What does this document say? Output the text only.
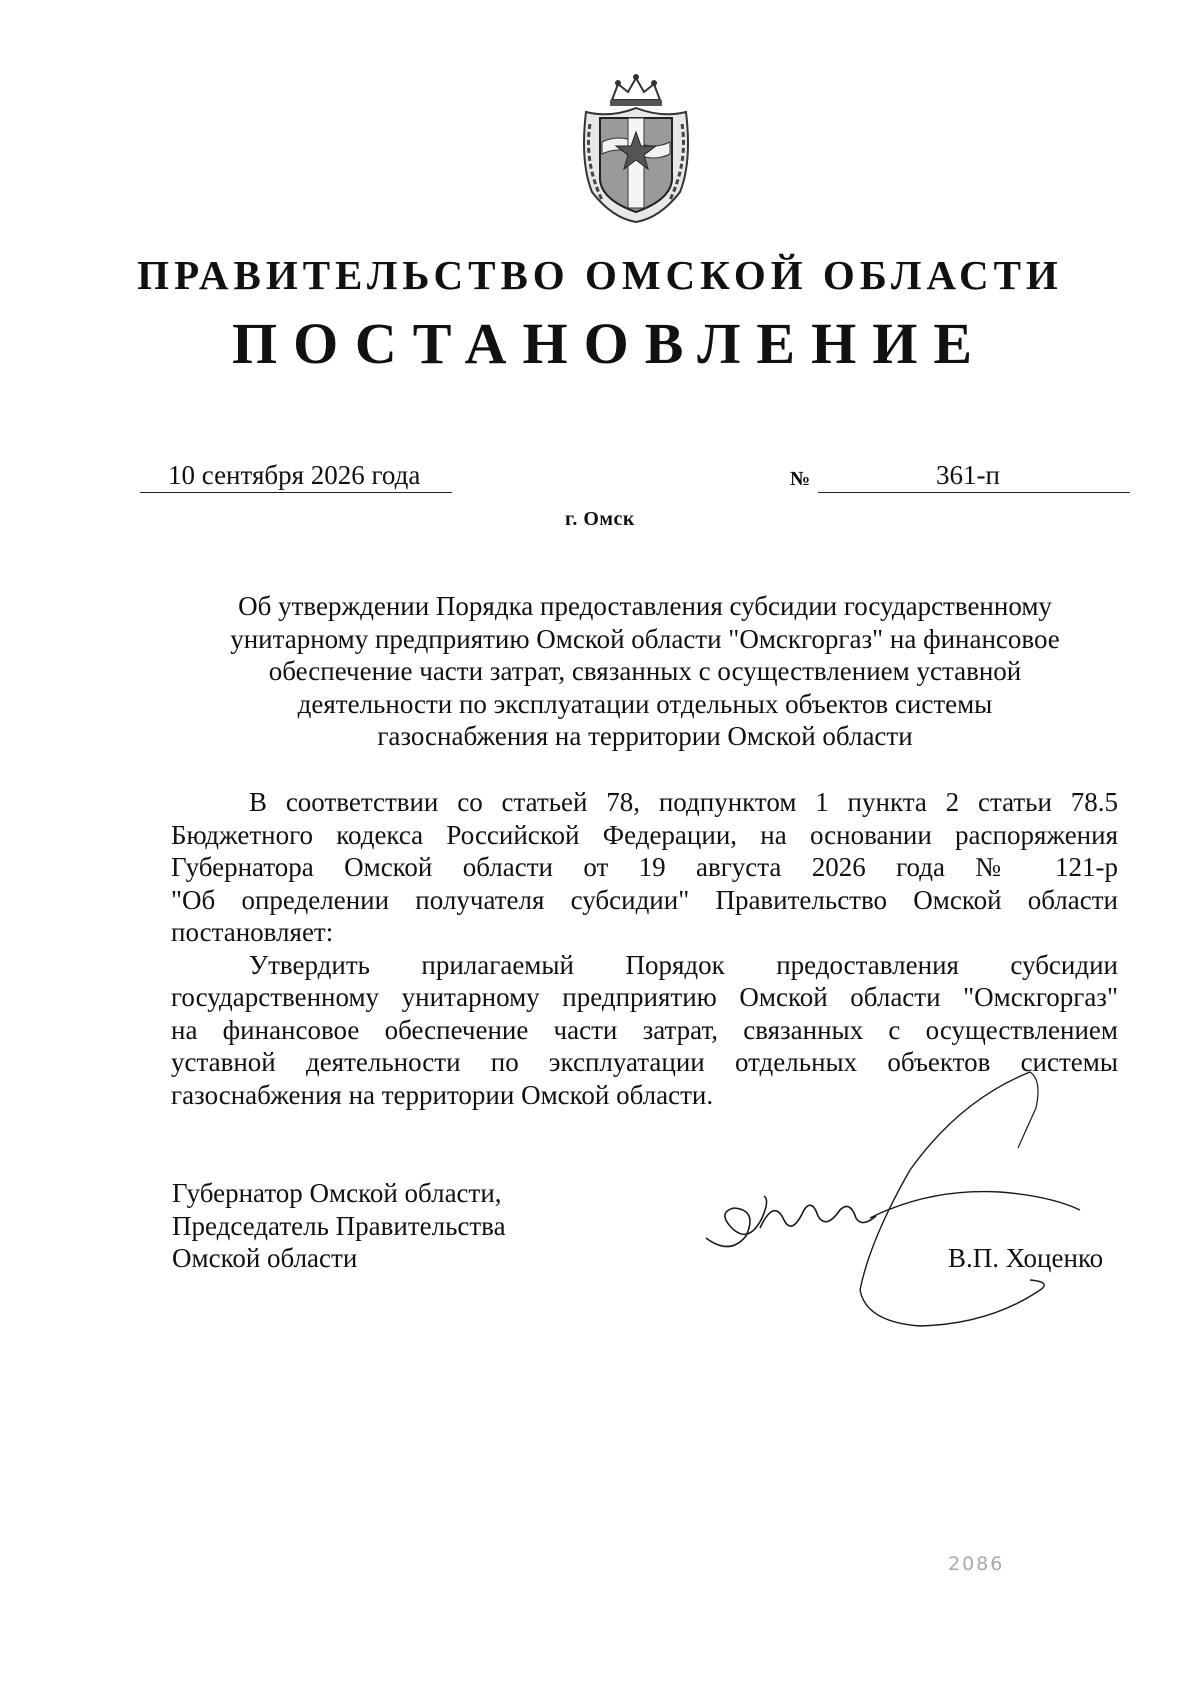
ПРАВИТЕЛЬСТВО ОМСКОЙ ОБЛАСТИ
ПОСТАНОВЛЕНИЕ
10 сентября 2026 года	№	361-п
г. Омск
Об утверждении Порядка предоставления субсидии государственному
унитарному предприятию Омской области "Омскгоргаз" на финансовое
обеспечение части затрат, связанных с осуществлением уставной
деятельности по эксплуатации отдельных объектов системы
газоснабжения на территории Омской области
В соответствии со статьей 78, подпунктом 1 пункта 2 статьи 78.5
Бюджетного кодекса Российской Федерации, на основании распоряжения
Губернатора Омской области от 19 августа 2026 года № 121-р
"Об определении получателя субсидии" Правительство Омской области
постановляет:
Утвердить прилагаемый Порядок предоставления субсидии
государственному унитарному предприятию Омской области "Омскгоргаз"
на финансовое обеспечение части затрат, связанных с осуществлением
уставной деятельности по эксплуатации отдельных объектов системы
газоснабжения на территории Омской области.
Губернатор Омской области,
Председатель Правительства
Омской области	В.П. Хоценко
2086
